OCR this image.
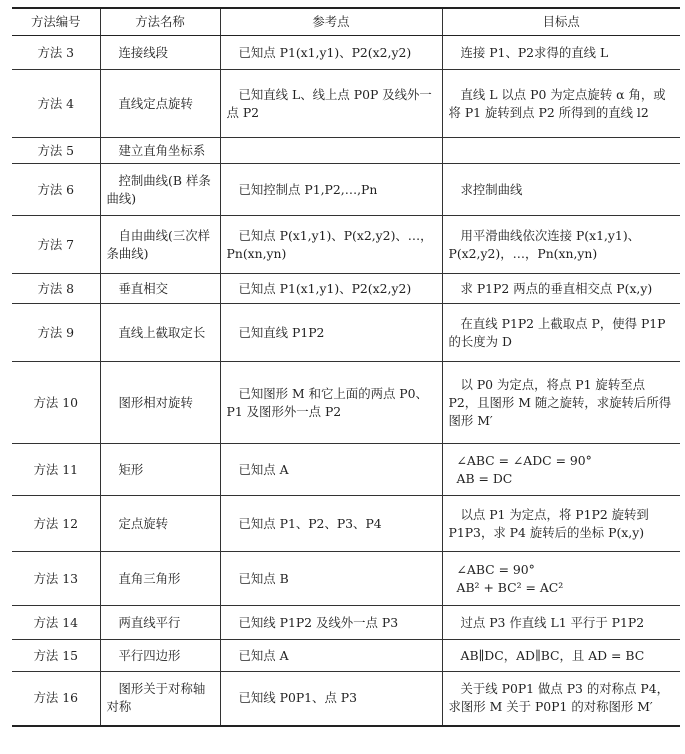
方法编号	方法名称	参考点	目标点
方法 3	连接线段	已知点 P1(x1,y1)、P2(x2,y2)	连接 P1、P2求得的直线 L
方法 4	直线定点旋转	已知直线 L、线上点 P0P 及线外一点 P2	直线 L 以点 P0 为定点旋转 α 角，或将 P1 旋转到点 P2 所得到的直线 l2
方法 5	建立直角坐标系		
方法 6	控制曲线(B 样条曲线)	已知控制点 P1,P2,…,Pn	求控制曲线
方法 7	自由曲线(三次样条曲线)	已知点 P(x1,y1)、P(x2,y2)、…，Pn(xn,yn)	用平滑曲线依次连接 P(x1,y1)、P(x2,y2)，…，Pn(xn,yn)
方法 8	垂直相交	已知点 P1(x1,y1)、P2(x2,y2)	求 P1P2 两点的垂直相交点 P(x,y)
方法 9	直线上截取定长	已知直线 P1P2	在直线 P1P2 上截取点 P，使得 P1P 的长度为 D
方法 10	图形相对旋转	已知图形 M 和它上面的两点 P0、P1 及图形外一点 P2	以 P0 为定点，将点 P1 旋转至点 P2，且图形 M 随之旋转，求旋转后所得图形 M′
方法 11	矩形	已知点 A	∠ABC = ∠ADC = 90°
AB = DC
方法 12	定点旋转	已知点 P1、P2、P3、P4	以点 P1 为定点，将 P1P2 旋转到 P1P3，求 P4 旋转后的坐标 P(x,y)
方法 13	直角三角形	已知点 B	∠ABC = 90°
AB² + BC² = AC²
方法 14	两直线平行	已知线 P1P2 及线外一点 P3	过点 P3 作直线 L1 平行于 P1P2
方法 15	平行四边形	已知点 A	AB∥DC，AD∥BC，且 AD = BC
方法 16	图形关于对称轴对称	已知线 P0P1、点 P3	关于线 P0P1 做点 P3 的对称点 P4，求图形 M 关于 P0P1 的对称图形 M′
